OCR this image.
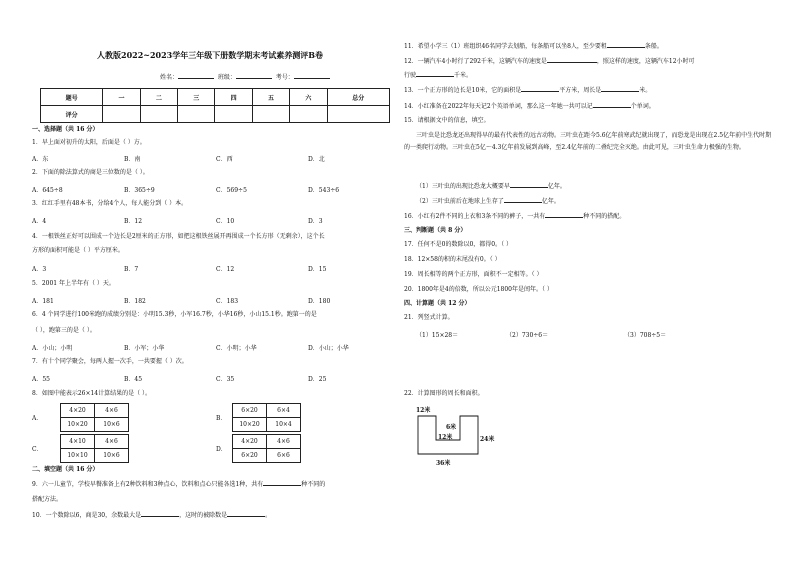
人教版2022~2023学年三年级下册数学期末考试素养测评B卷
姓名：	班级：	考号：
题号	一	二	三	四	五	六	总分
评分							
一、选择题（共 16 分）
1．早上面对初升的太阳，后面是（ ）方。
A．东	B．南	C．西	D．北
2．下面的除法算式的商是三位数的是（ ）。
A．645÷8	B．365÷9	C．569÷5	D．543÷6
3．红红手里有48本书，分给4个人，每人能分到（ ）本。
A．4	B．12	C．10	D．3
4．一根铁丝正好可以围成一个边长是2厘米的正方形，如把这根铁丝展开再围成一个长方形（无剩余），这个长
方形的面积可能是（ ）平方厘米。
A．3	B．7	C．12	D．15
5．2001 年上半年有（ ）天。
A．181	B．182	C．183	D．180
6．4 个同学进行100米跑的成绩分别是：小明15.3秒，小军16.7秒，小华16秒，小山15.1秒。跑第一的是
（ ），跑第三的是（ ）。
A．小山；小明	B．小军；小华	C．小明；小华	D．小山；小华
7．有十个同学聚会，每两人握一次手，一共要握（ ）次。
A．55	B．45	C．35	D．25
8．如图中能表示26×14计算结果的是（ ）。
A．
4×20	4×6
10×20	10×6
B．
6×20	6×4
10×20	10×4
C．
4×10	4×6
10×10	10×6
D．
4×20	4×6
6×20	6×6
二、填空题（共 16 分）
9．六一儿童节，学校早餐准备上有2种饮料和3种点心，饮料和点心只能各选1种，共有	种不同的
搭配方法。
10．一个数除以6，商是30，余数最大是	，这时的被除数是	。
11．希望小学三（1）班组织46名同学去划船，每条船可以坐8人，至少要租	条船。
12．一辆汽车4小时行了292千米，这辆汽车的速度是	，照这样的速度，这辆汽车12小时可
行驶	千米。
13．一个正方形的边长是10米，它的面积是	平方米，周长是	米。
14．小红准备在2022年每天记2个英语单词，那么这一年她一共可以记	个单词。
15．请根据文中的信息，填空。
三叶虫是比恐龙还出现得早的最有代表性的远古动物。三叶虫在距今5.6亿年前寒武纪就出现了，而恐龙是出现在2.5亿年前中生代时期的一类爬行动物。三叶虫在5亿～4.3亿年前发展到高峰，至2.4亿年前的二叠纪完全灭绝。由此可见，三叶虫生命力极强的生物。
（1）三叶虫的出现比恐龙大概要早	亿年。
（2）三叶虫前后在地球上生存了	亿年。
16．小红有2件不同的上衣和3条不同的裤子，一共有	种不同的搭配。
三、判断题（共 8 分）
17．任何不是0的数除以0，都得0。（ ）
18．12×58的积的末尾没有0。（ ）
19．周长相等的两个正方形，面积不一定相等。（ ）
20．1800年是4的倍数，所以公元1800年是闰年。（ ）
四、计算题（共 12 分）
21．列竖式计算。
（1）15×28＝	（2）730÷6＝	（3）708÷5＝
22．计算图形的周长和面积。
12米
6米
12米	24米
36米
